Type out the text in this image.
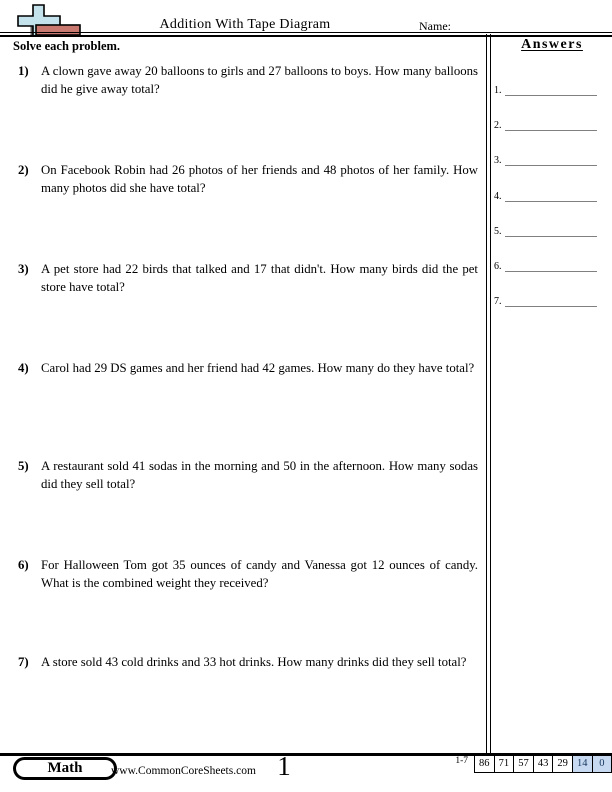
Addition With Tape Diagram	Name:
Solve each problem.
1) A clown gave away 20 balloons to girls and 27 balloons to boys. How many balloons did he give away total?

2) On Facebook Robin had 26 photos of her friends and 48 photos of her family. How many photos did she have total?

3) A pet store had 22 birds that talked and 17 that didn't. How many birds did the pet store have total?

4) Carol had 29 DS games and her friend had 42 games. How many do they have total?

5) A restaurant sold 41 sodas in the morning and 50 in the afternoon. How many sodas did they sell total?

6) For Halloween Tom got 35 ounces of candy and Vanessa got 12 ounces of candy. What is the combined weight they received?

7) A store sold 43 cold drinks and 33 hot drinks. How many drinks did they sell total?

Answers
1.
2.
3.
4.
5.
6.
7.
Math www.CommonCoreSheets.com 1	1-7	86 71 57 43 29 14	0
